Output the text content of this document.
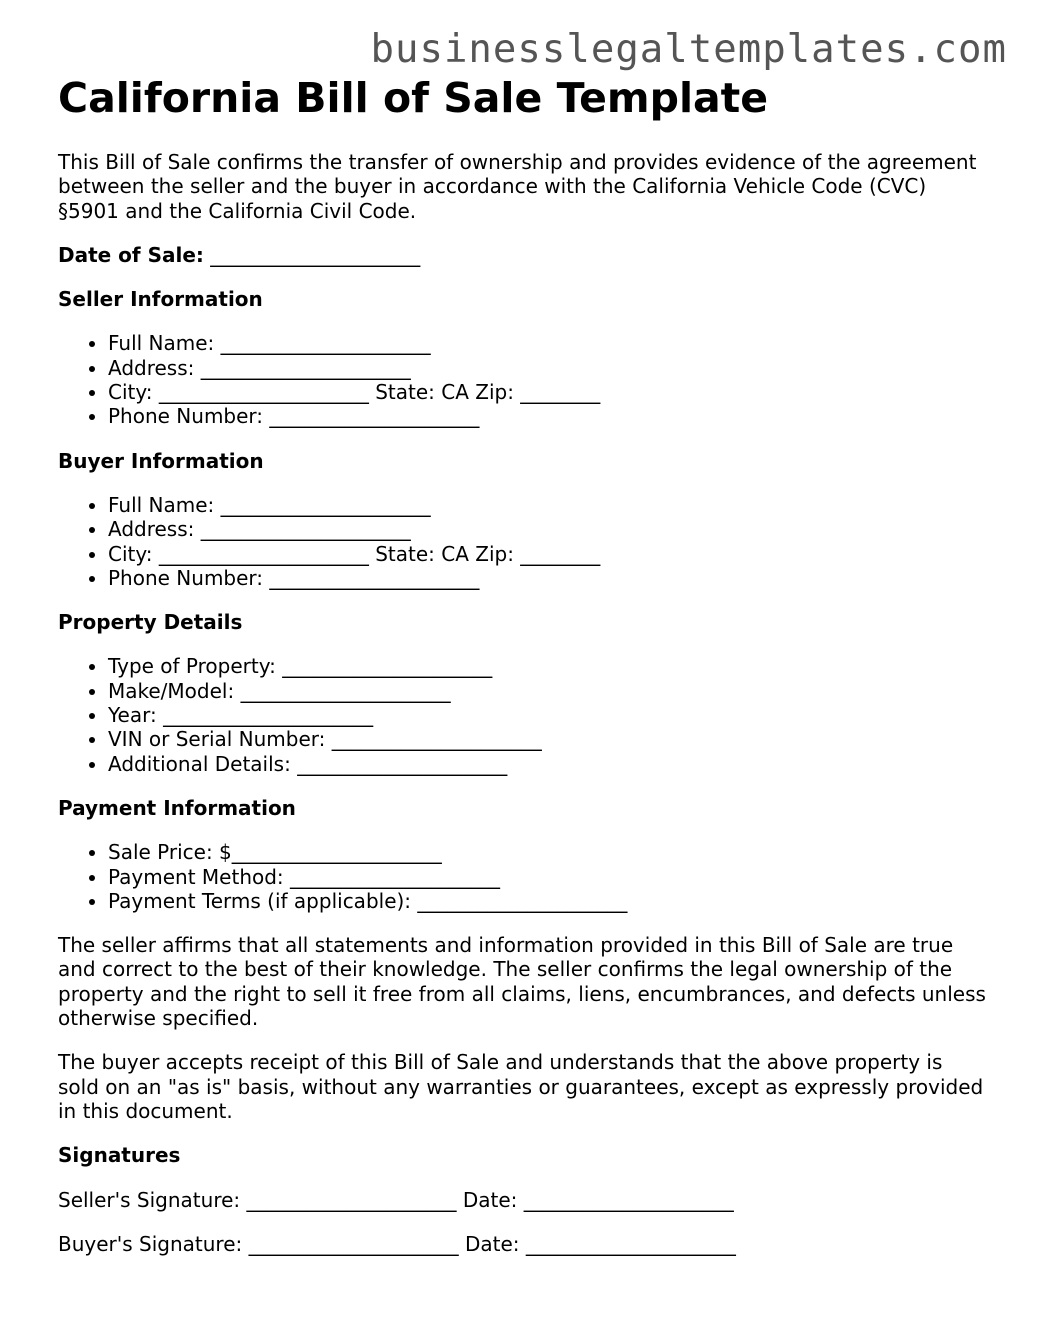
businesslegaltemplates.com
California Bill of Sale Template

This Bill of Sale confirms the transfer of ownership and provides evidence of the agreement between the seller and the buyer in accordance with the California Vehicle Code (CVC) §5901 and the California Civil Code.

Date of Sale: _____________________
Seller Information
• Full Name: _____________________
• Address: _____________________
• City: _____________________ State: CA Zip: ________
• Phone Number: _____________________
Buyer Information
• Full Name: _____________________
• Address: _____________________
• City: _____________________ State: CA Zip: ________
• Phone Number: _____________________
Property Details
• Type of Property: _____________________
• Make/Model: _____________________
• Year: _____________________
• VIN or Serial Number: _____________________
• Additional Details: _____________________
Payment Information
• Sale Price: $_____________________
• Payment Method: _____________________
• Payment Terms (if applicable): _____________________

The seller affirms that all statements and information provided in this Bill of Sale are true and correct to the best of their knowledge. The seller confirms the legal ownership of the property and the right to sell it free from all claims, liens, encumbrances, and defects unless otherwise specified.

The buyer accepts receipt of this Bill of Sale and understands that the above property is sold on an "as is" basis, without any warranties or guarantees, except as expressly provided in this document.

Signatures
Seller's Signature: _____________________ Date: _____________________
Buyer's Signature: _____________________ Date: _____________________
